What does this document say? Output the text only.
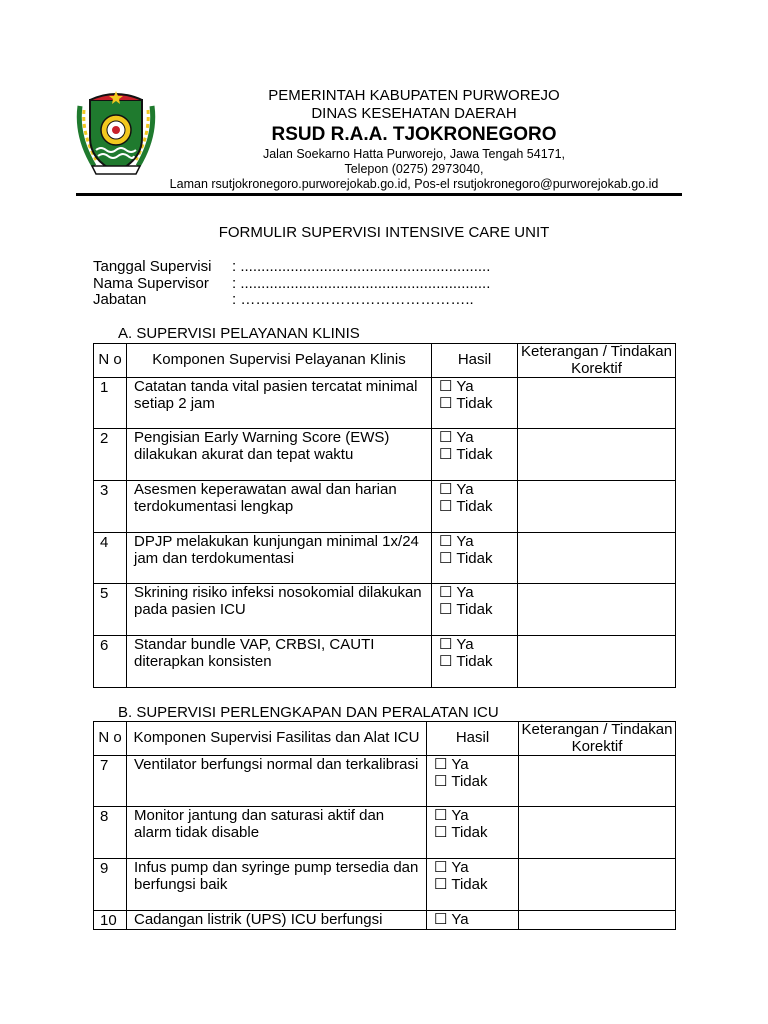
PEMERINTAH KABUPATEN PURWOREJO
DINAS KESEHATAN DAERAH
RSUD R.A.A. TJOKRONEGORO
Jalan Soekarno Hatta Purworejo, Jawa Tengah 54171,
Telepon (0275) 2973040,
Laman rsutjokronegoro.purworejokab.go.id, Pos-el rsutjokronegoro@purworejokab.go.id
FORMULIR SUPERVISI INTENSIVE CARE UNIT
Tanggal Supervisi	: ............................................................
Nama Supervisor	: ............................................................
Jabatan	: ………………………………………..
A. SUPERVISI PELAYANAN KLINIS
N o	Komponen Supervisi Pelayanan Klinis	Hasil	Keterangan / Tindakan Korektif
1	Catatan tanda vital pasien tercatat minimal setiap 2 jam	☐ Ya
☐ Tidak	

2	Pengisian Early Warning Score (EWS) dilakukan akurat dan tepat waktu	☐ Ya
☐ Tidak	

3	Asesmen keperawatan awal dan harian terdokumentasi lengkap	☐ Ya
☐ Tidak	

4	DPJP melakukan kunjungan minimal 1x/24 jam dan terdokumentasi	☐ Ya
☐ Tidak	

5	Skrining risiko infeksi nosokomial dilakukan pada pasien ICU	☐ Ya
☐ Tidak	

6	Standar bundle VAP, CRBSI, CAUTI diterapkan konsisten	☐ Ya
☐ Tidak	

B. SUPERVISI PERLENGKAPAN DAN PERALATAN ICU
N o	Komponen Supervisi Fasilitas dan Alat ICU	Hasil	Keterangan / Tindakan Korektif
7	Ventilator berfungsi normal dan terkalibrasi	☐ Ya
☐ Tidak	

8	Monitor jantung dan saturasi aktif dan alarm tidak disable	☐ Ya
☐ Tidak	

9	Infus pump dan syringe pump tersedia dan berfungsi baik	☐ Ya
☐ Tidak	

10	Cadangan listrik (UPS) ICU berfungsi	☐ Ya	
